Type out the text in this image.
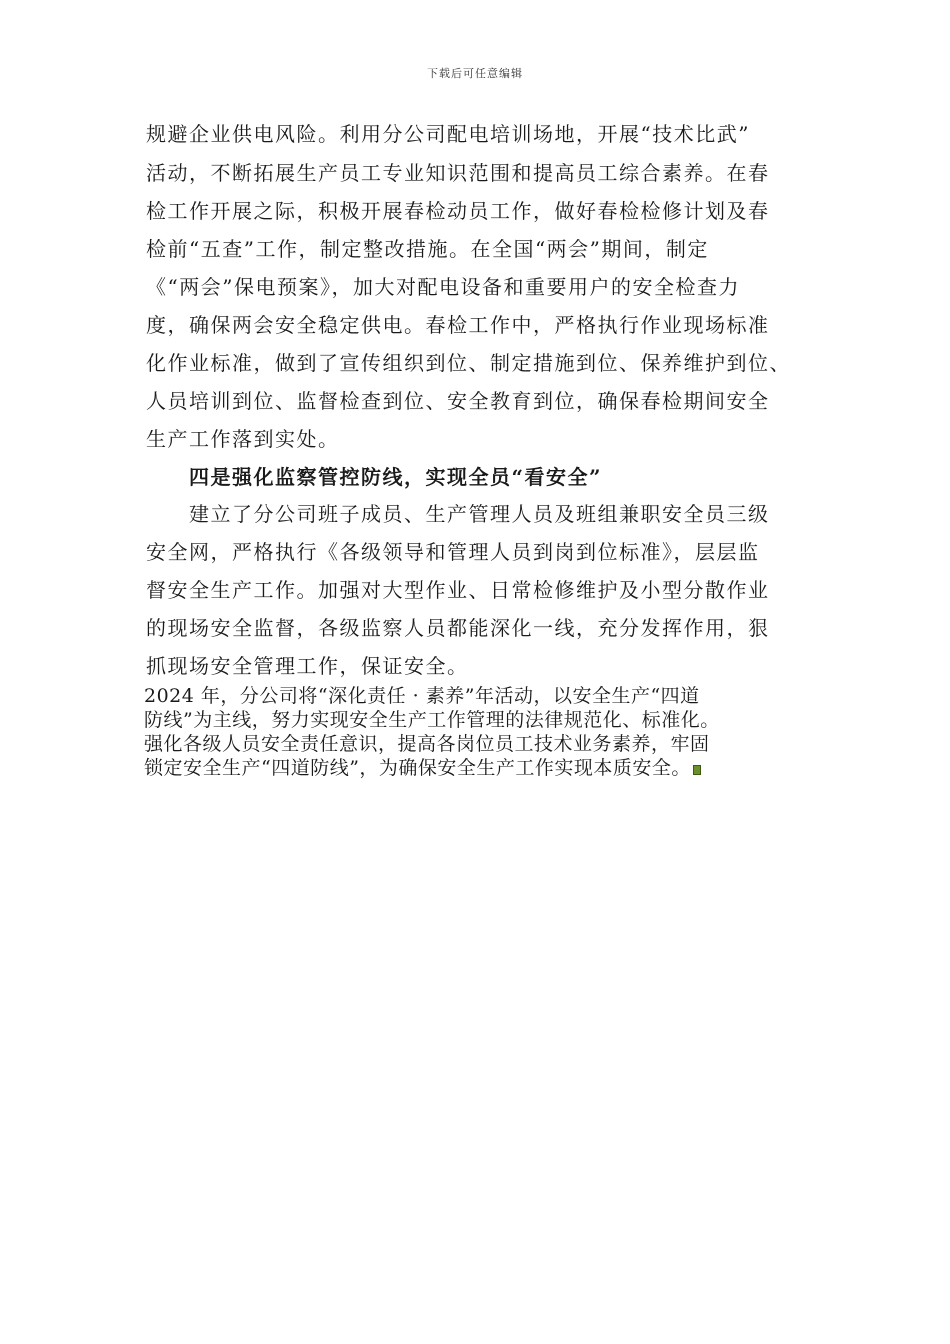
下载后可任意编辑
规避企业供电风险。利用分公司配电培训场地，开展“技术比武”
活动，不断拓展生产员工专业知识范围和提高员工综合素养。在春
检工作开展之际，积极开展春检动员工作，做好春检检修计划及春
检前“五查”工作，制定整改措施。在全国“两会”期间，制定
《“两会”保电预案》，加大对配电设备和重要用户的安全检查力
度，确保两会安全稳定供电。春检工作中，严格执行作业现场标准
化作业标准，做到了宣传组织到位、制定措施到位、保养维护到位、
人员培训到位、监督检查到位、安全教育到位，确保春检期间安全
生产工作落到实处。
四是强化监察管控防线，实现全员“看安全”
建立了分公司班子成员、生产管理人员及班组兼职安全员三级
安全网，严格执行《各级领导和管理人员到岗到位标准》，层层监
督安全生产工作。加强对大型作业、日常检修维护及小型分散作业
的现场安全监督，各级监察人员都能深化一线，充分发挥作用，狠
抓现场安全管理工作，保证安全。
2024 年，分公司将“深化责任 · 素养”年活动，以安全生产“四道
防线”为主线，努力实现安全生产工作管理的法律规范化、标准化。
强化各级人员安全责任意识，提高各岗位员工技术业务素养，牢固
锁定安全生产“四道防线”，为确保安全生产工作实现本质安全。
